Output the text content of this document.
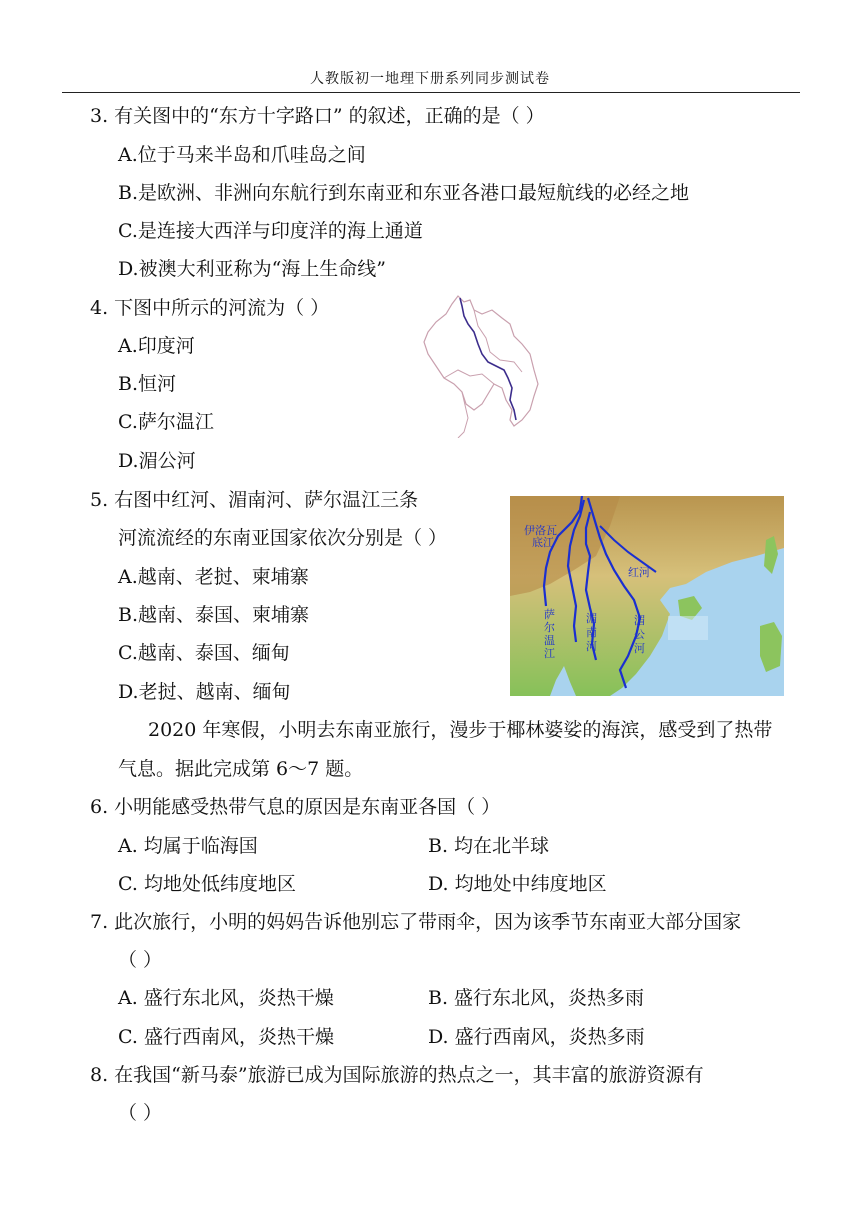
人教版初一地理下册系列同步测试卷
3. 有关图中的“东方十字路口” 的叙述，正确的是（ ）
A.位于马来半岛和爪哇岛之间
B.是欧洲、非洲向东航行到东南亚和东亚各港口最短航线的必经之地
C.是连接大西洋与印度洋的海上通道
D.被澳大利亚称为“海上生命线”
4. 下图中所示的河流为（ ）
A.印度河
B.恒河
C.萨尔温江
D.湄公河
5. 右图中红河、湄南河、萨尔温江三条
河流流经的东南亚国家依次分别是（ ）
A.越南、老挝、柬埔寨
B.越南、泰国、柬埔寨
C.越南、泰国、缅甸
D.老挝、越南、缅甸
伊洛瓦
底江
红河
萨
尔
温
江
湄
南
河
湄
公
河
2020 年寒假，小明去东南亚旅行，漫步于椰林婆娑的海滨，感受到了热带
气息。据此完成第 6～7 题。
6. 小明能感受热带气息的原因是东南亚各国（ ）
A. 均属于临海国	B. 均在北半球
C. 均地处低纬度地区	D. 均地处中纬度地区
7. 此次旅行，小明的妈妈告诉他别忘了带雨伞，因为该季节东南亚大部分国家
（ ）
A. 盛行东北风，炎热干燥	B. 盛行东北风，炎热多雨
C. 盛行西南风，炎热干燥	D. 盛行西南风，炎热多雨
8. 在我国“新马泰”旅游已成为国际旅游的热点之一，其丰富的旅游资源有
（ ）
